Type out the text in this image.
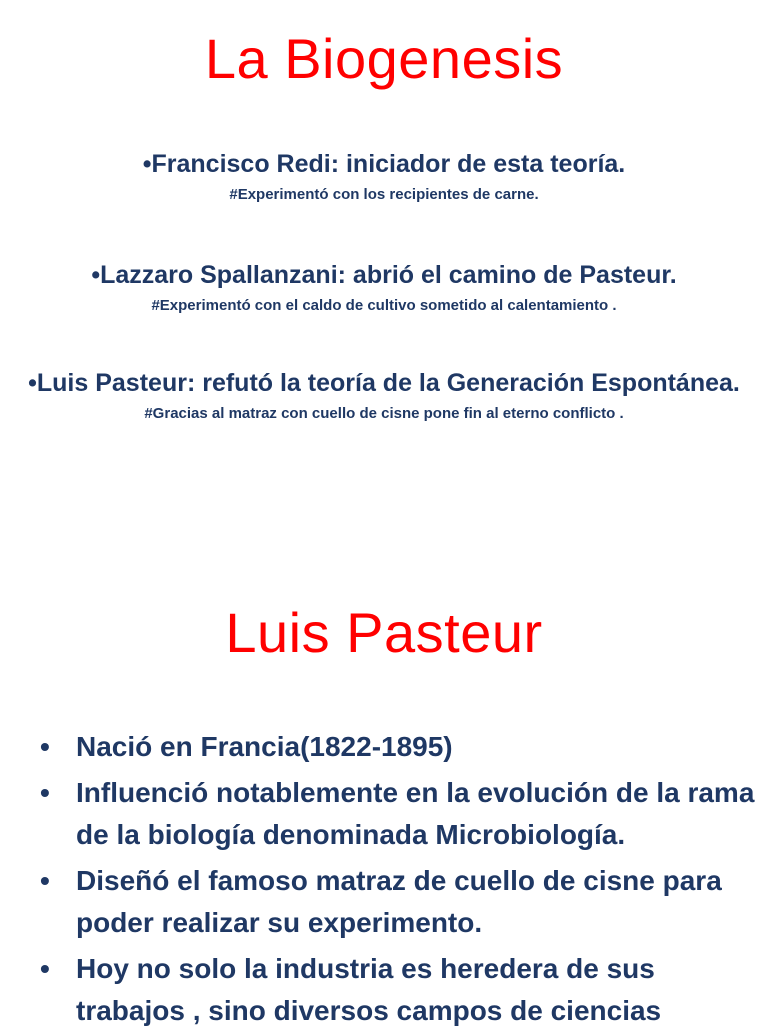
La Biogenesis

•Francisco Redi: iniciador de esta teoría.

#Experimentó con los recipientes de carne.

•Lazzaro Spallanzani: abrió el camino de Pasteur.

#Experimentó con el caldo de cultivo sometido al calentamiento .

•Luis Pasteur: refutó la teoría de la Generación Espontánea.

#Gracias al matraz con cuello de cisne pone fin al eterno conflicto .

Luis Pasteur
• Nació en Francia(1822-1895)
• Influenció notablemente en la evolución de la rama de la biología denominada Microbiología.
• Diseñó el famoso matraz de cuello de cisne para poder realizar su experimento.
• Hoy no solo la industria es heredera de sus trabajos , sino diversos campos de ciencias
